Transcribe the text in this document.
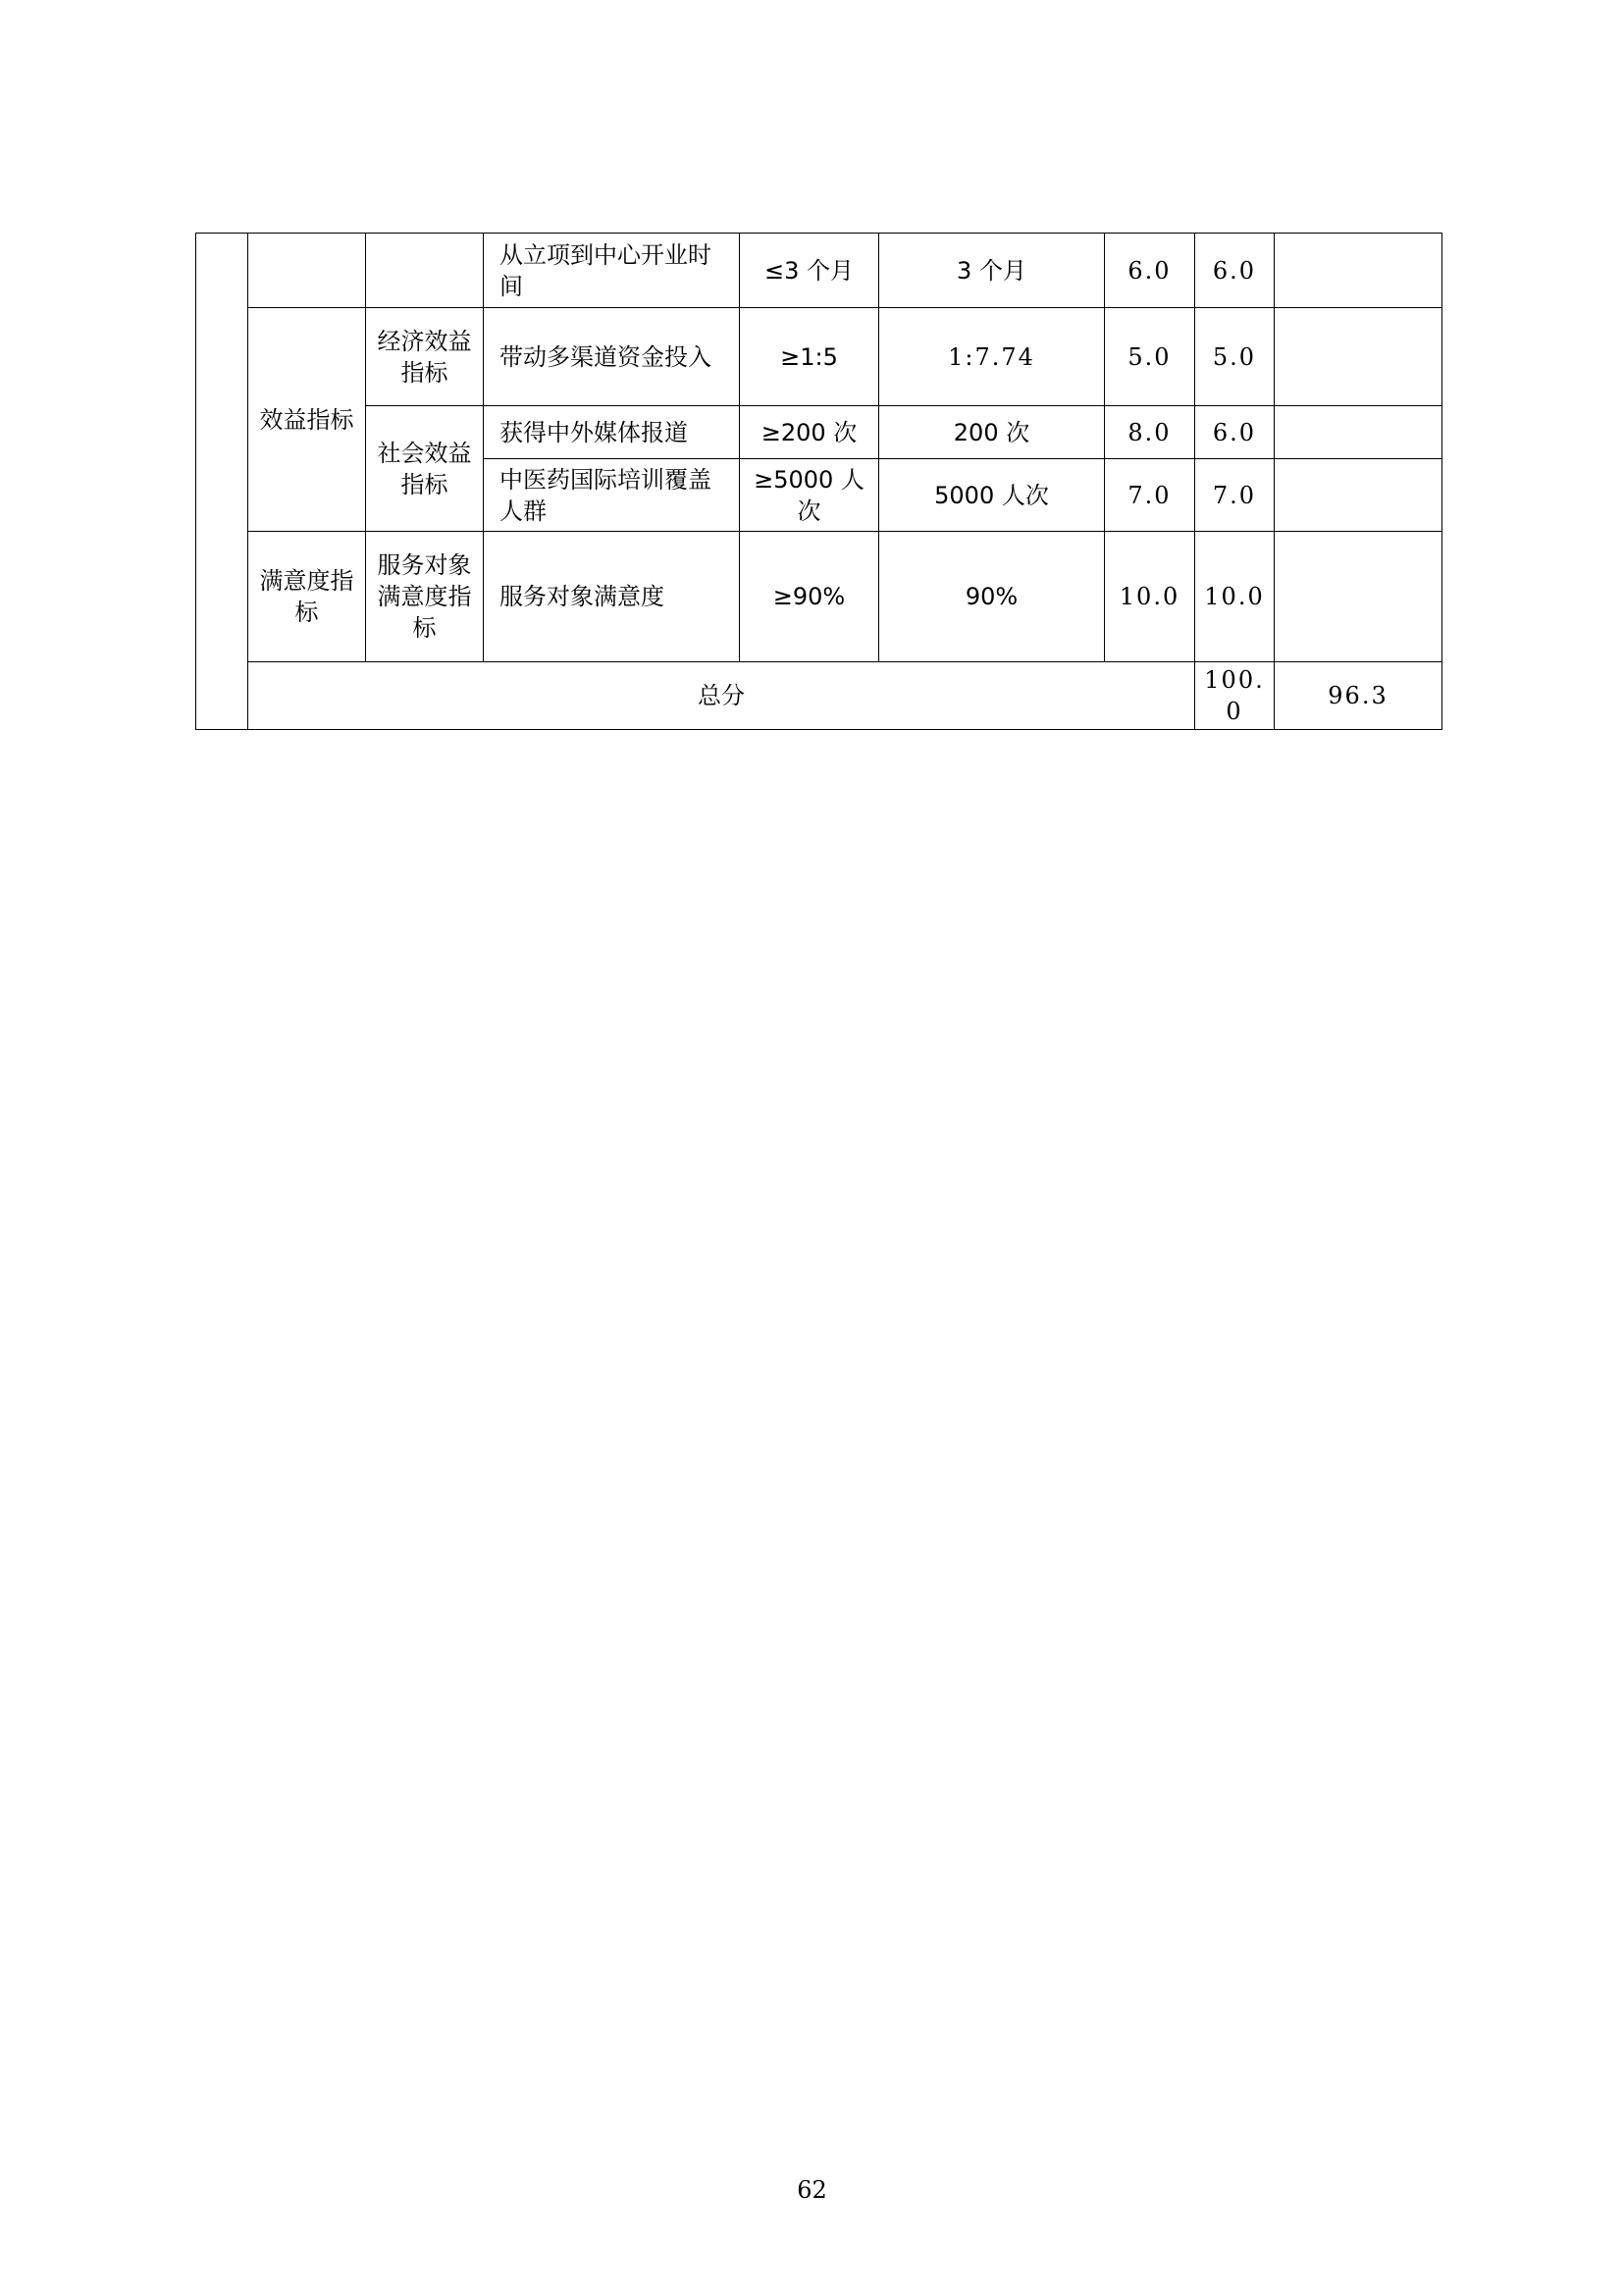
			从立项到中心开业时间	≤3 个月	3 个月	6.0	6.0		
	效益指标	经济效益指标	带动多渠道资金投入	≥1:5	1:7.74	5.0	5.0		
		社会效益指标	获得中外媒体报道	≥200 次	200 次	8.0	6.0		
			中医药国际培训覆盖人群	≥5000 人次	5000 人次	7.0	7.0		
	满意度指标	服务对象满意度指标	服务对象满意度	≥90%	90%	10.0	10.0		
	总分						100.0	96.3	
62
